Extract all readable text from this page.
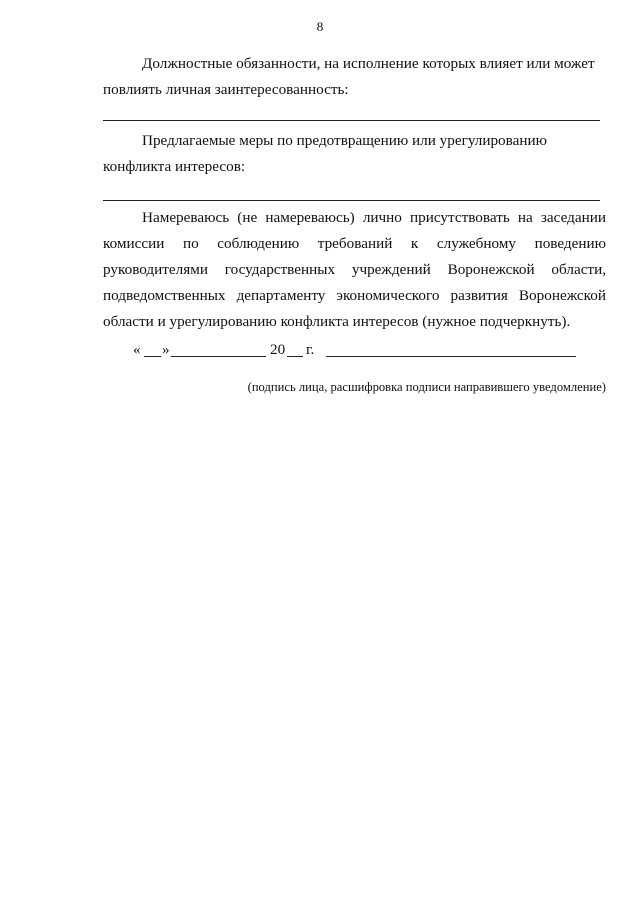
8

Должностные обязанности, на исполнение которых влияет или может повлиять личная заинтересованность:

Предлагаемые меры по предотвращению или урегулированию конфликта интересов:

Намереваюсь (не намереваюсь) лично присутствовать на заседании комиссии по соблюдению требований к служебному поведению руководителями государственных учреждений Воронежской области, подведомственных департаменту экономического развития Воронежской области и урегулированию конфликта интересов (нужное подчеркнуть).

« »	20 г.
(подпись лица, расшифровка подписи направившего уведомление)
